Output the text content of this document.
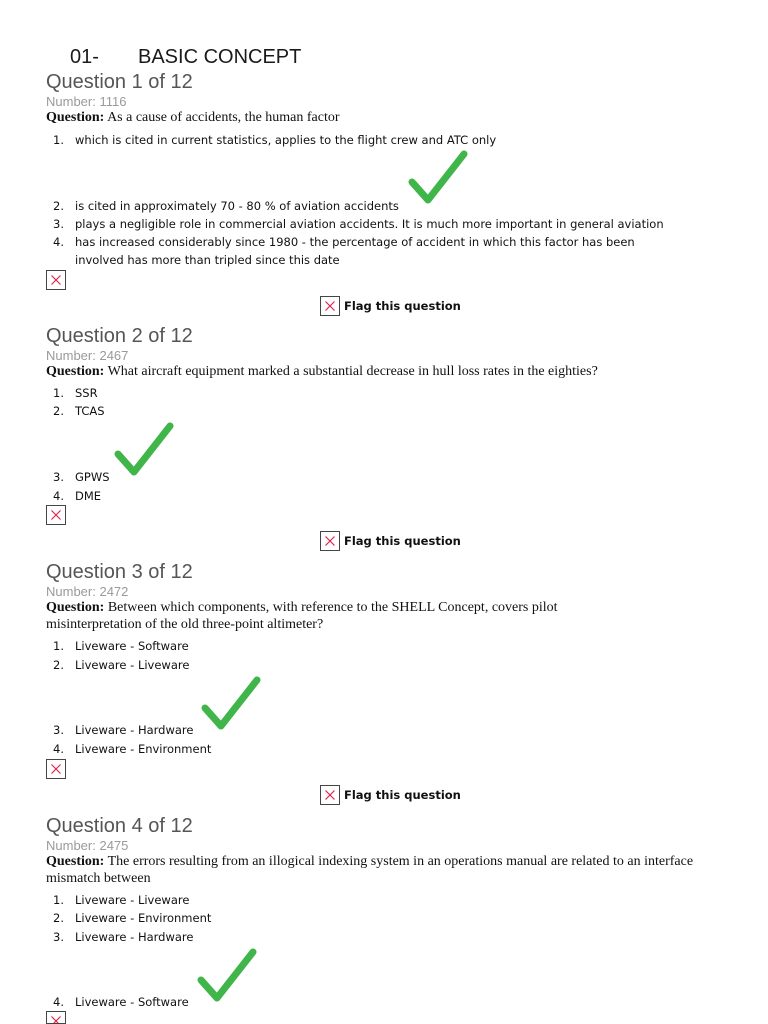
01- BASIC CONCEPT
Question 1 of 12
Number: 1116
Question: As a cause of accidents, the human factor
1. which is cited in current statistics, applies to the flight crew and ATC only
2. is cited in approximately 70 - 80 % of aviation accidents
3. plays a negligible role in commercial aviation accidents. It is much more important in general aviation
4. has increased considerably since 1980 - the percentage of accident in which this factor has been involved has more than tripled since this date
Flag this question
Question 2 of 12
Number: 2467
Question: What aircraft equipment marked a substantial decrease in hull loss rates in the eighties?
1. SSR
2. TCAS
3. GPWS
4. DME
Flag this question
Question 3 of 12
Number: 2472
Question: Between which components, with reference to the SHELL Concept, covers pilot misinterpretation of the old three-point altimeter?
1. Liveware - Software
2. Liveware - Liveware
3. Liveware - Hardware
4. Liveware - Environment
Flag this question
Question 4 of 12
Number: 2475
Question: The errors resulting from an illogical indexing system in an operations manual are related to an interface mismatch between
1. Liveware - Liveware
2. Liveware - Environment
3. Liveware - Hardware
4. Liveware - Software
